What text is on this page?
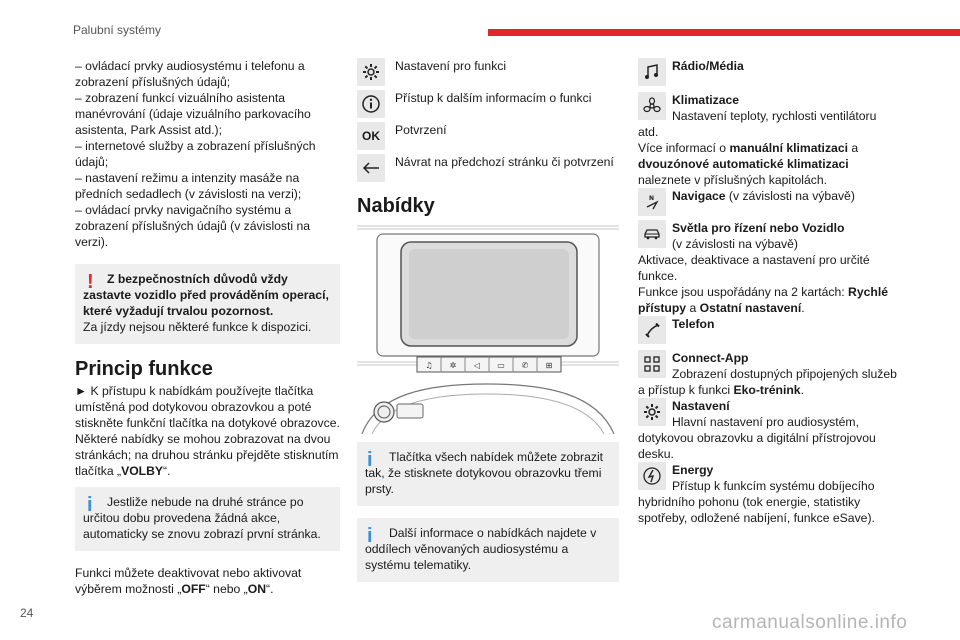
Palubní systémy

– ovládací prvky audiosystému i telefonu a zobrazení příslušných údajů;

– zobrazení funkcí vizuálního asistenta manévrování (údaje vizuálního parkovacího asistenta, Park Assist atd.);

– internetové služby a zobrazení příslušných údajů;

– nastavení režimu a intenzity masáže na předních sedadlech (v závislosti na verzi);

– ovládací prvky navigačního systému a zobrazení příslušných údajů (v závislosti na verzi).

!	Z bezpečnostních důvodů vždy zastavte vozidlo před prováděním operací, které vyžadují trvalou pozornost.

Za jízdy nejsou některé funkce k dispozici.

Princip funkce

► K přístupu k nabídkám používejte tlačítka umístěná pod dotykovou obrazovkou a poté stiskněte funkční tlačítka na dotykové obrazovce. Některé nabídky se mohou zobrazovat na dvou stránkách; na druhou stránku přejděte stisknutím tlačítka „VOLBY“.

i	Jestliže nebude na druhé stránce po určitou dobu provedena žádná akce, automaticky se znovu zobrazí první stránka.

Funkci můžete deaktivovat nebo aktivovat výběrem možnosti „OFF“ nebo „ON“.

Nastavení pro funkci
Přístup k dalším informacím o funkci
OK Potvrzení
Návrat na předchozí stránku či potvrzení

Nabídky

♫ ✲ ◁ ▭ ✆ ⊞
i	Tlačítka všech nabídek můžete zobrazit tak, že stisknete dotykovou obrazovku třemi prsty.

i	Další informace o nabídkách najdete v oddílech věnovaných audiosystému a systému telematiky.

Rádio/Média
Klimatizace
Nastavení teploty, rychlosti ventilátoru atd.

Více informací o manuální klimatizaci a dvouzónové automatické klimatizaci naleznete v příslušných kapitolách.

N Navigace (v závislosti na výbavě)
Světla pro řízení nebo Vozidlo
(v závislosti na výbavě)

Aktivace, deaktivace a nastavení pro určité funkce.

Funkce jsou uspořádány na 2 kartách: Rychlé přístupy a Ostatní nastavení.

Telefon
Connect-App
Zobrazení dostupných připojených služeb a přístup k funkci Eko-trénink.
Nastavení
Hlavní nastavení pro audiosystém, dotykovou obrazovku a digitální přístrojovou desku.
Energy
Přístup k funkcím systému dobíjecího hybridního pohonu (tok energie, statistiky spotřeby, odložené nabíjení, funkce eSave).
24	carmanualsonline.info
